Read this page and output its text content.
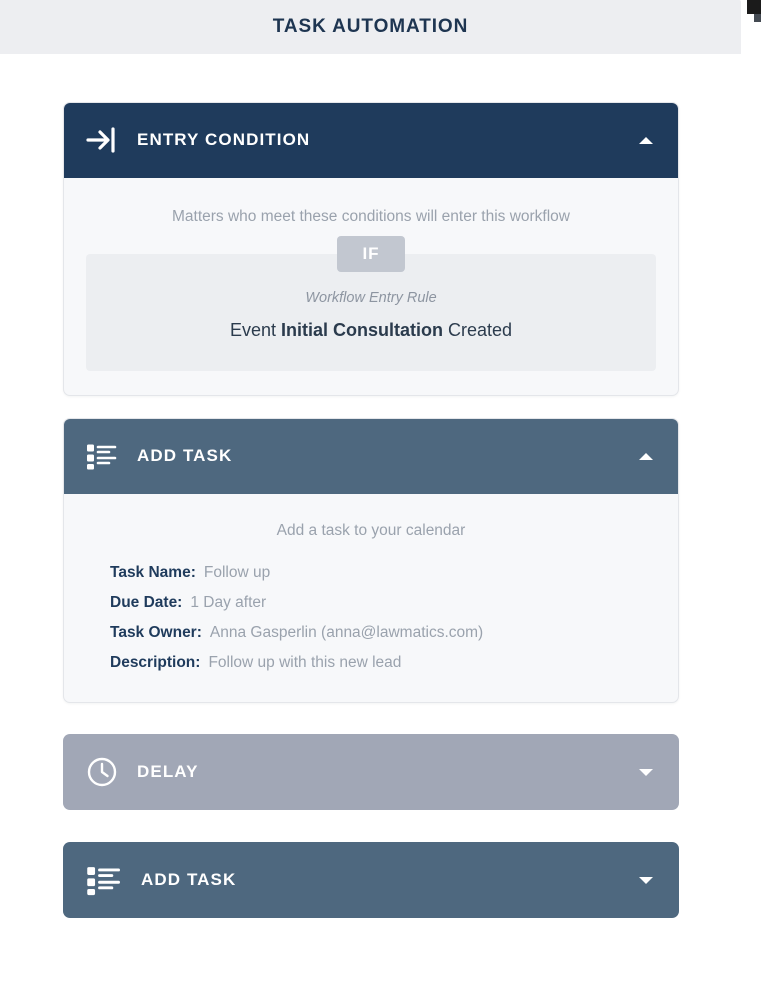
TASK AUTOMATION
ENTRY CONDITION
Matters who meet these conditions will enter this workflow
IF
Workflow Entry Rule
Event Initial Consultation Created
ADD TASK
Add a task to your calendar
Task Name: Follow up
Due Date: 1 Day after
Task Owner: Anna Gasperlin (anna@lawmatics.com)
Description: Follow up with this new lead
DELAY
ADD TASK
